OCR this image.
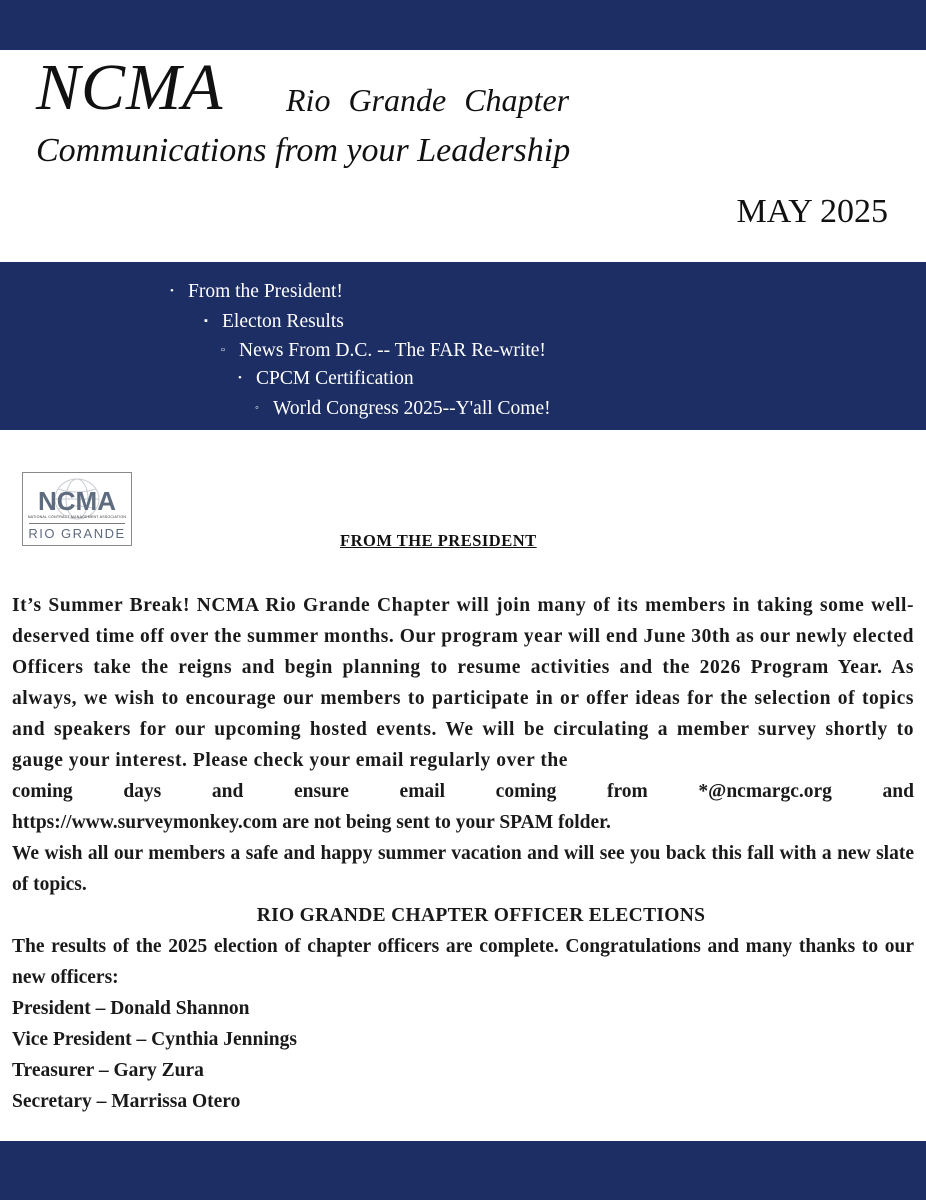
NCMA Rio Grande Chapter
Communications from your Leadership
MAY 2025
• From the President!
▪ Electon Results
▫ News From D.C. -- The FAR Re-write!
• CPCM Certification
◦ World Congress 2025--Y'all Come!
NCMA
NATIONAL CONTRACT MANAGEMENT ASSOCIATION
RIO GRANDE	FROM THE PRESIDENT

It’s Summer Break! NCMA Rio Grande Chapter will join many of its members in taking some well-deserved time off over the summer months. Our program year will end June 30th as our newly elected Officers take the reigns and begin planning to resume activities and the 2026 Program Year. As always, we wish to encourage our members to participate in or offer ideas for the selection of topics and speakers for our upcoming hosted events. We will be circulating a member survey shortly to gauge your interest. Please check your email regularly over the

coming days and ensure email coming from *@ncmargc.org and

https://www.surveymonkey.com are not being sent to your SPAM folder.

We wish all our members a safe and happy summer vacation and will see you back this fall with a new slate of topics.

RIO GRANDE CHAPTER OFFICER ELECTIONS

The results of the 2025 election of chapter officers are complete. Congratulations and many thanks to our new officers:

President – Donald Shannon

Vice President – Cynthia Jennings

Treasurer – Gary Zura

Secretary – Marrissa Otero
